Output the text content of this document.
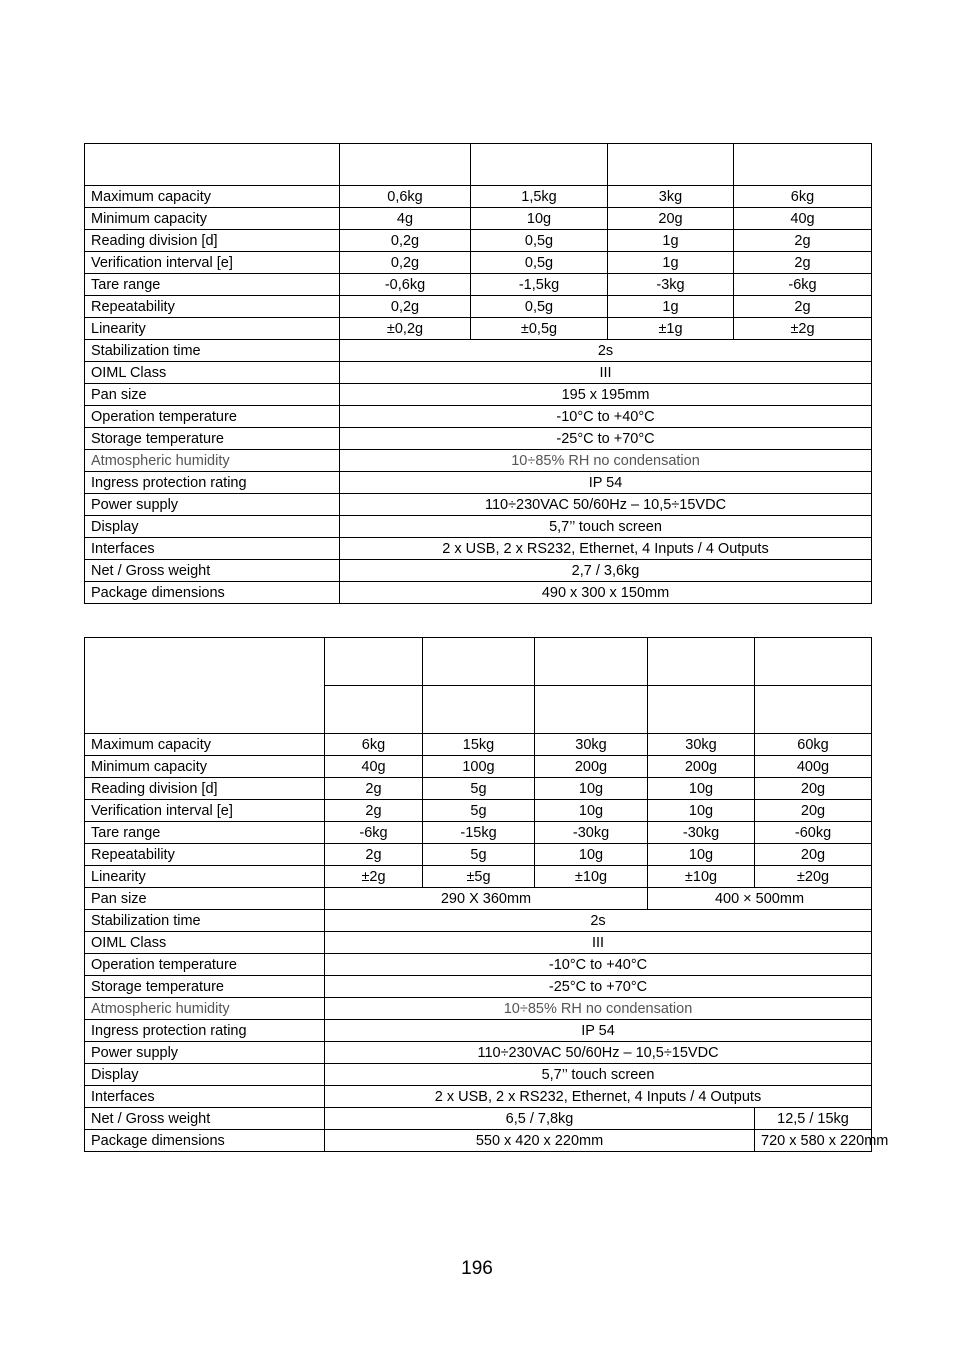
Maximum capacity	0,6kg	1,5kg	3kg	6kg
Minimum capacity	4g	10g	20g	40g
Reading division [d]	0,2g	0,5g	1g	2g
Verification interval [e]	0,2g	0,5g	1g	2g
Tare range	-0,6kg	-1,5kg	-3kg	-6kg
Repeatability	0,2g	0,5g	1g	2g
Linearity	±0,2g	±0,5g	±1g	±2g
Stabilization time	2s			
OIML Class	III			
Pan size	195 x 195mm			
Operation temperature	-10°C to +40°C			
Storage temperature	-25°C to +70°C			
Atmospheric humidity	10÷85% RH no condensation			
Ingress protection rating	IP 54			
Power supply	110÷230VAC 50/60Hz – 10,5÷15VDC			
Display	5,7’’ touch screen			
Interfaces	2 x USB, 2 x RS232, Ethernet, 4 Inputs / 4 Outputs			
Net / Gross weight	2,7 / 3,6kg			
Package dimensions	490 x 300 x 150mm			

Maximum capacity	6kg	15kg	30kg	30kg	60kg
Minimum capacity	40g	100g	200g	200g	400g
Reading division [d]	2g	5g	10g	10g	20g
Verification interval [e]	2g	5g	10g	10g	20g
Tare range	-6kg	-15kg	-30kg	-30kg	-60kg
Repeatability	2g	5g	10g	10g	20g
Linearity	±2g	±5g	±10g	±10g	±20g
Pan size	290 X 360mm			400 × 500mm	
Stabilization time	2s				
OIML Class	III				
Operation temperature	-10°C to +40°C				
Storage temperature	-25°C to +70°C				
Atmospheric humidity	10÷85% RH no condensation				
Ingress protection rating	IP 54				
Power supply	110÷230VAC 50/60Hz – 10,5÷15VDC				
Display	5,7’’ touch screen				
Interfaces	2 x USB, 2 x RS232, Ethernet, 4 Inputs / 4 Outputs				
Net / Gross weight	6,5 / 7,8kg				12,5 / 15kg
Package dimensions	550 x 420 x 220mm				720 x 580 x 220mm
196
